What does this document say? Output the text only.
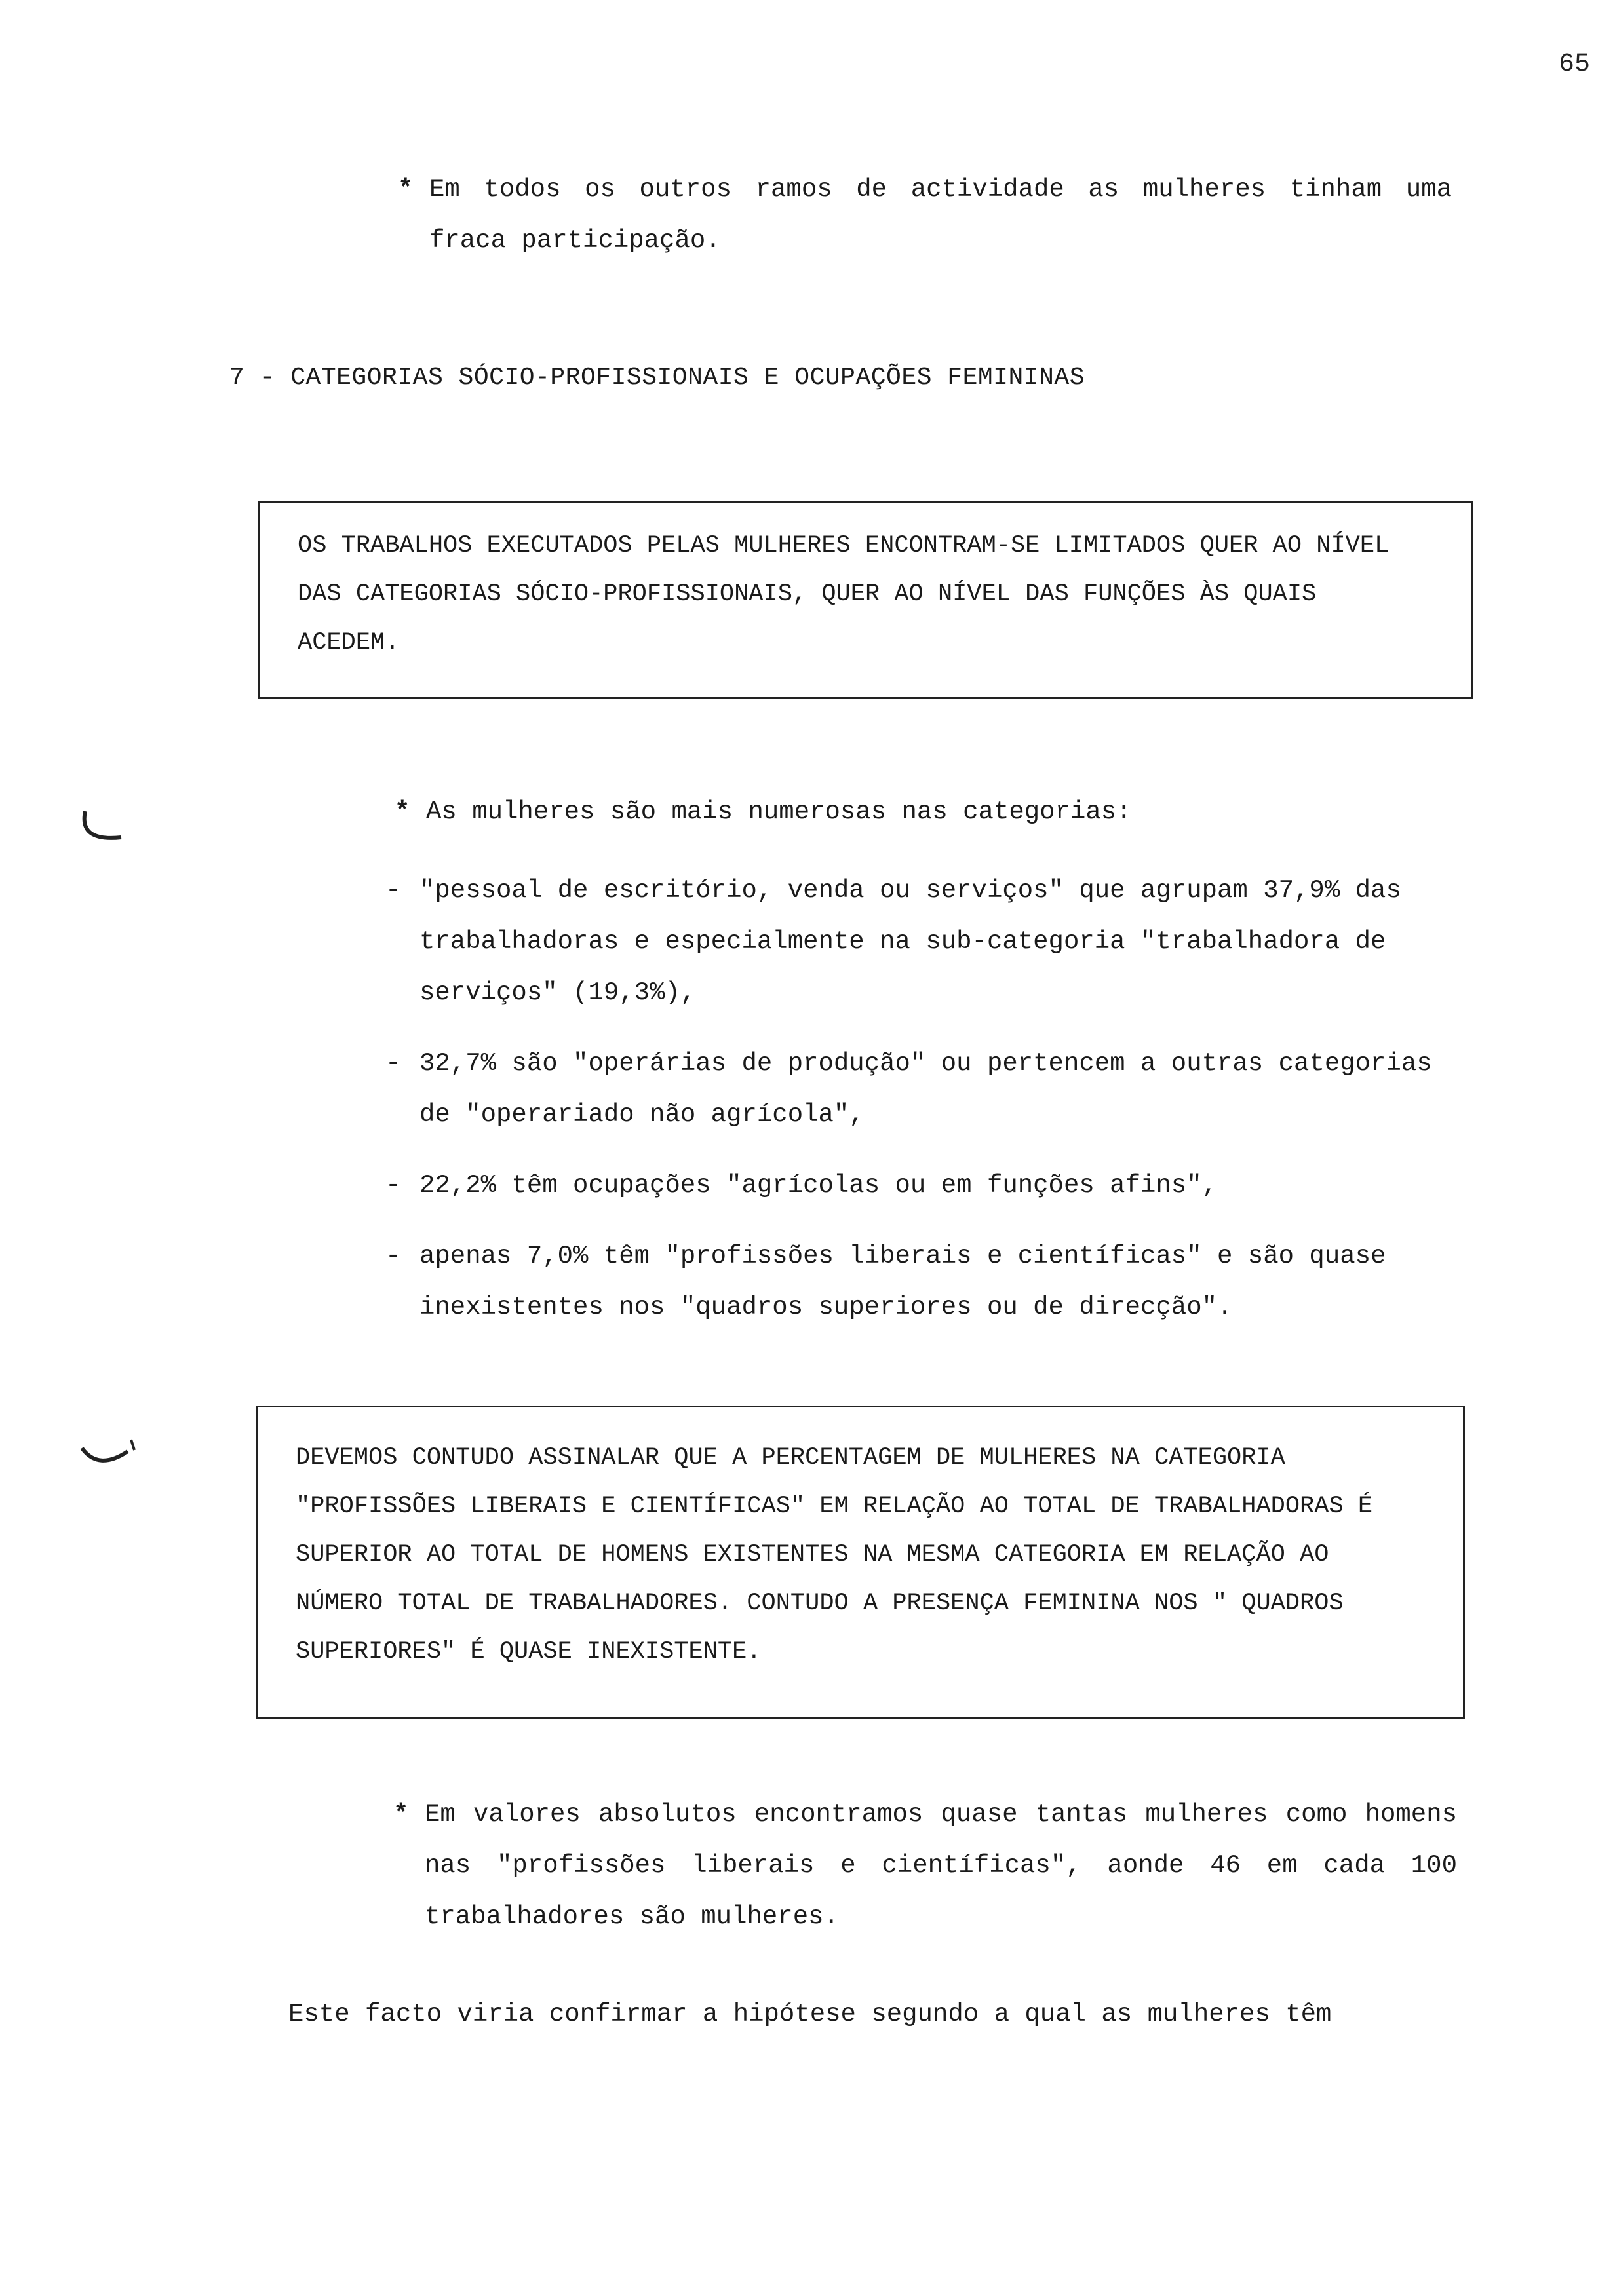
65
* Em todos os outros ramos de actividade as mulheres tinham uma fraca participação.
7 - CATEGORIAS SÓCIO-PROFISSIONAIS E OCUPAÇÕES FEMININAS

OS TRABALHOS EXECUTADOS PELAS MULHERES ENCONTRAM-SE LIMITADOS QUER AO NÍVEL DAS CATEGORIAS SÓCIO-PROFISSIONAIS, QUER AO NÍVEL DAS FUNÇÕES ÀS QUAIS ACEDEM.

* As mulheres são mais numerosas nas categorias:
- "pessoal de escritório, venda ou serviços" que agrupam 37,9% das trabalhadoras e especialmente na sub-categoria "trabalhadora de serviços" (19,3%),
- 32,7% são "operárias de produção" ou pertencem a outras categorias de "operariado não agrícola",
- 22,2% têm ocupações "agrícolas ou em funções afins",
- apenas 7,0% têm "profissões liberais e científicas" e são quase inexistentes nos "quadros superiores ou de direcção".

DEVEMOS CONTUDO ASSINALAR QUE A PERCENTAGEM DE MULHERES NA CATEGORIA "PROFISSÕES LIBERAIS E CIENTÍFICAS" EM RELAÇÃO AO TOTAL DE TRABALHADORAS É SUPERIOR AO TOTAL DE HOMENS EXISTENTES NA MESMA CATEGORIA EM RELAÇÃO AO NÚMERO TOTAL DE TRABALHADORES. CONTUDO A PRESENÇA FEMININA NOS " QUADROS SUPERIORES" É QUASE INEXISTENTE.

* Em valores absolutos encontramos quase tantas mulheres como homens nas "profissões liberais e científicas", aonde 46 em cada 100 trabalhadores são mulheres.
Este facto viria confirmar a hipótese segundo a qual as mulheres têm
